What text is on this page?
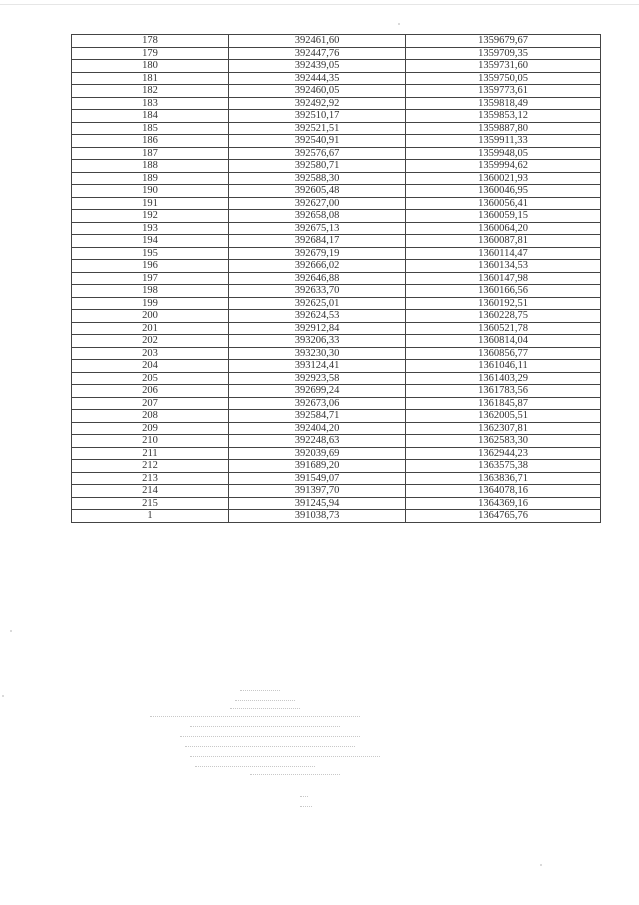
178	392461,60	1359679,67
179	392447,76	1359709,35
180	392439,05	1359731,60
181	392444,35	1359750,05
182	392460,05	1359773,61
183	392492,92	1359818,49
184	392510,17	1359853,12
185	392521,51	1359887,80
186	392540,91	1359911,33
187	392576,67	1359948,05
188	392580,71	1359994,62
189	392588,30	1360021,93
190	392605,48	1360046,95
191	392627,00	1360056,41
192	392658,08	1360059,15
193	392675,13	1360064,20
194	392684,17	1360087,81
195	392679,19	1360114,47
196	392666,02	1360134,53
197	392646,88	1360147,98
198	392633,70	1360166,56
199	392625,01	1360192,51
200	392624,53	1360228,75
201	392912,84	1360521,78
202	393206,33	1360814,04
203	393230,30	1360856,77
204	393124,41	1361046,11
205	392923,58	1361403,29
206	392699,24	1361783,56
207	392673,06	1361845,87
208	392584,71	1362005,51
209	392404,20	1362307,81
210	392248,63	1362583,30
211	392039,69	1362944,23
212	391689,20	1363575,38
213	391549,07	1363836,71
214	391397,70	1364078,16
215	391245,94	1364369,16
1	391038,73	1364765,76
